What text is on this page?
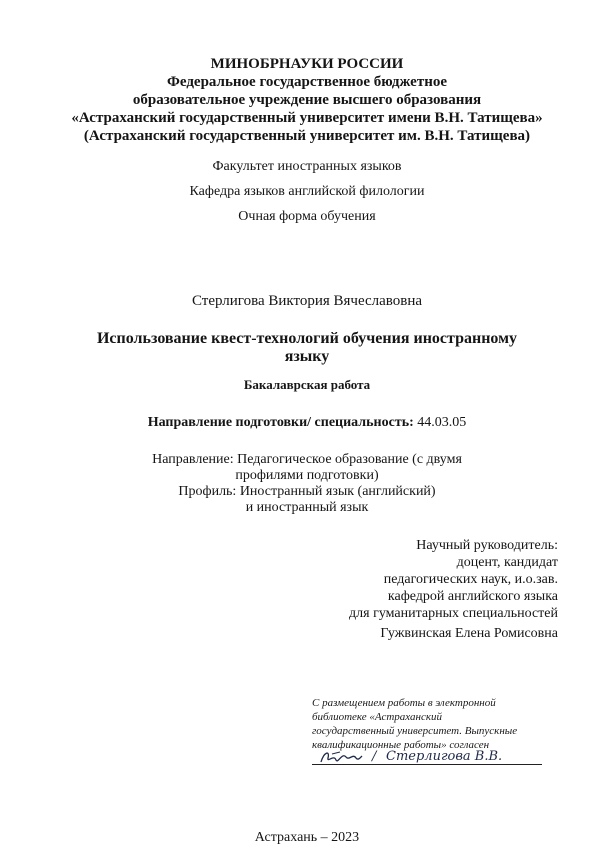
МИНОБРНАУКИ РОССИИ
Федеральное государственное бюджетное
образовательное учреждение высшего образования
«Астраханский государственный университет имени В.Н. Татищева»
(Астраханский государственный университет им. В.Н. Татищева)
Факультет иностранных языков
Кафедра языков английской филологии
Очная форма обучения
Стерлигова Виктория Вячеславовна
Использование квест-технологий обучения иностранному
языку
Бакалаврская работа
Направление подготовки/ специальность: 44.03.05
Направление: Педагогическое образование (с двумя
профилями подготовки)
Профиль: Иностранный язык (английский)
и иностранный язык
Научный руководитель:
доцент, кандидат
педагогических наук, и.о.зав.
кафедрой английского языка
для гуманитарных специальностей
Гужвинская Елена Ромисовна
С размещением работы в электронной
библиотеке «Астраханский
государственный университет. Выпускные
квалификационные работы» согласен
/ Стерлигова В.В.
Астрахань – 2023
